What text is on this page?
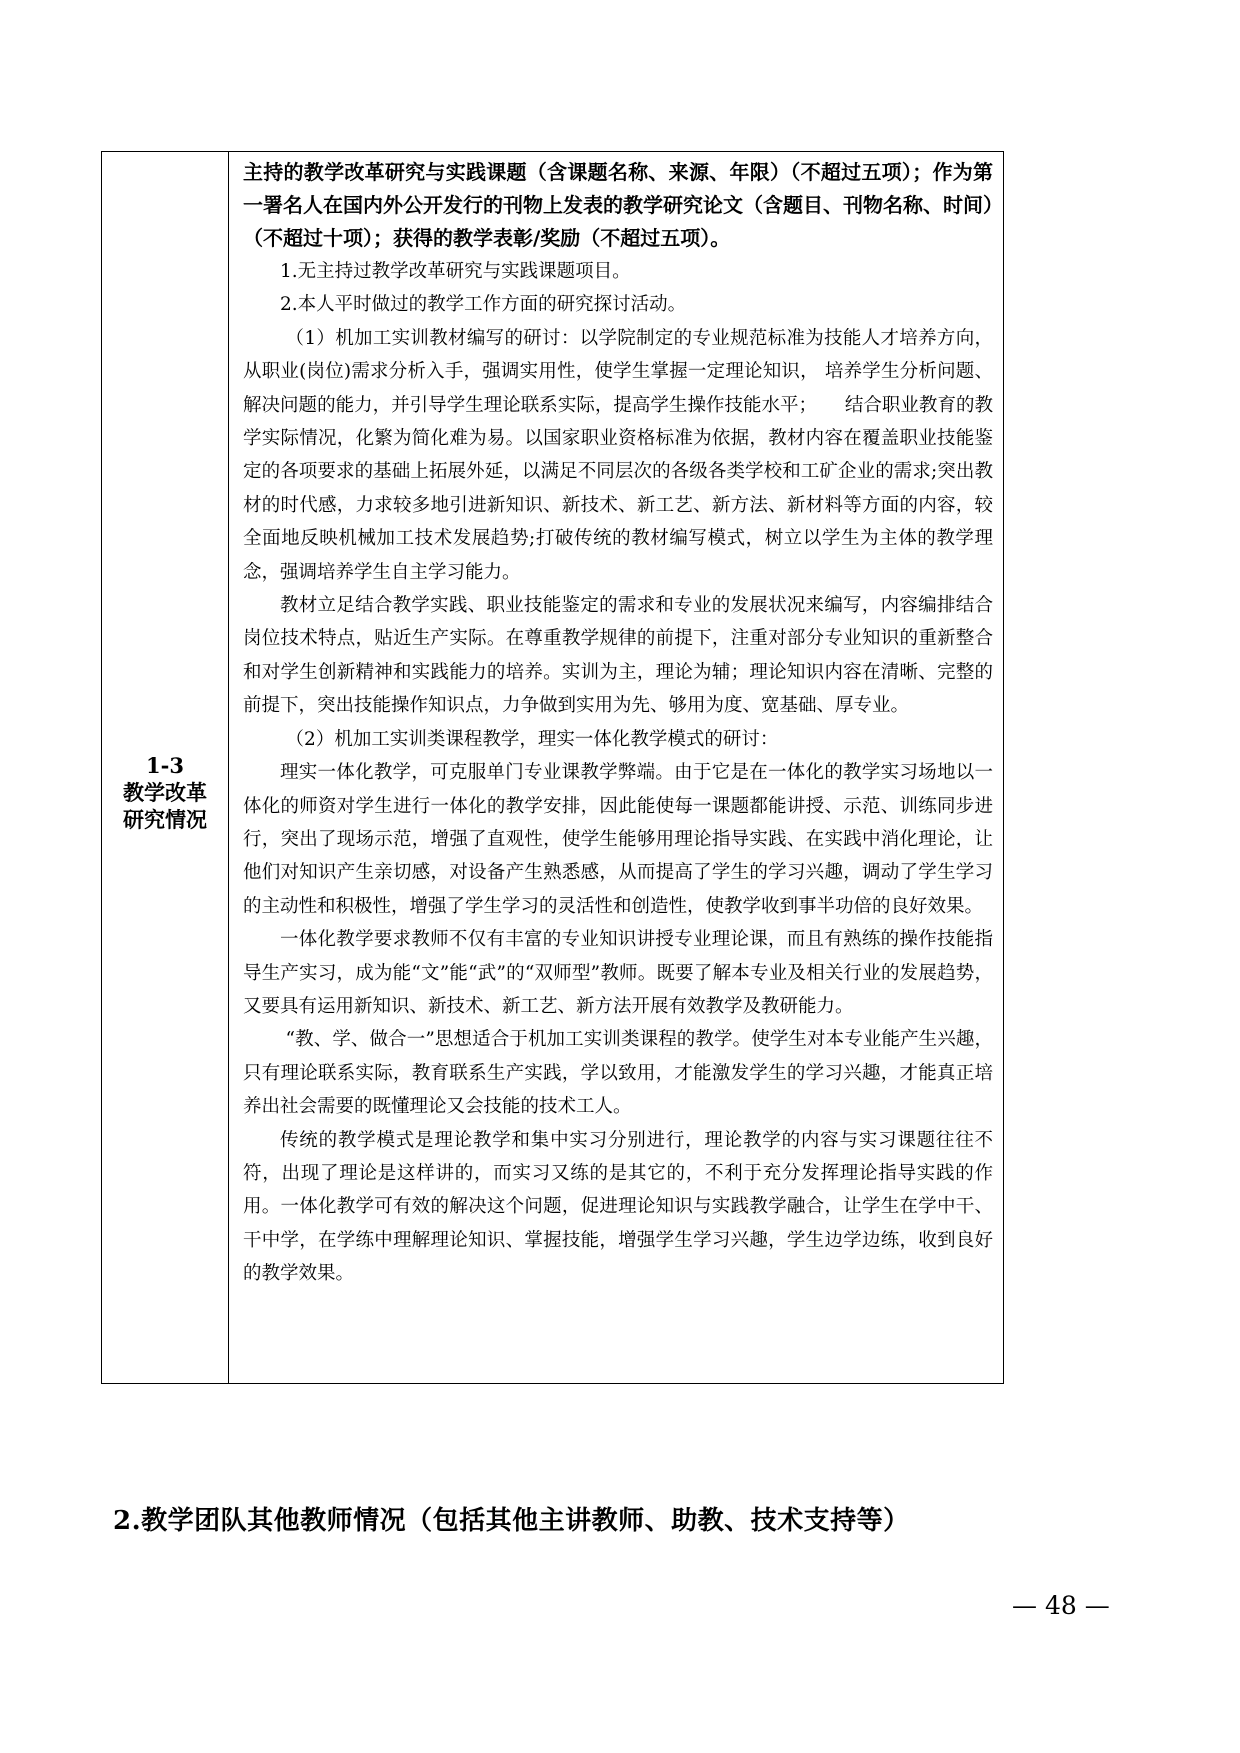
1-3
教学改革
研究情况

主持的教学改革研究与实践课题（含课题名称、来源、年限）（不超过五项）；作为第一署名人在国内外公开发行的刊物上发表的教学研究论文（含题目、刊物名称、时间）（不超过十项）；获得的教学表彰/奖励（不超过五项）。

1.无主持过教学改革研究与实践课题项目。

2.本人平时做过的教学工作方面的研究探讨活动。

（1）机加工实训教材编写的研讨：以学院制定的专业规范标准为技能人才培养方向，从职业(岗位)需求分析入手，强调实用性，使学生掌握一定理论知识， 培养学生分析问题、解决问题的能力，并引导学生理论联系实际，提高学生操作技能水平；　　结合职业教育的教学实际情况，化繁为简化难为易。以国家职业资格标准为依据，教材内容在覆盖职业技能鉴定的各项要求的基础上拓展外延，以满足不同层次的各级各类学校和工矿企业的需求;突出教材的时代感，力求较多地引进新知识、新技术、新工艺、新方法、新材料等方面的内容，较全面地反映机械加工技术发展趋势;打破传统的教材编写模式，树立以学生为主体的教学理念，强调培养学生自主学习能力。

教材立足结合教学实践、职业技能鉴定的需求和专业的发展状况来编写，内容编排结合岗位技术特点，贴近生产实际。在尊重教学规律的前提下，注重对部分专业知识的重新整合和对学生创新精神和实践能力的培养。实训为主，理论为辅；理论知识内容在清晰、完整的前提下，突出技能操作知识点，力争做到实用为先、够用为度、宽基础、厚专业。

（2）机加工实训类课程教学，理实一体化教学模式的研讨：

理实一体化教学，可克服单门专业课教学弊端。由于它是在一体化的教学实习场地以一体化的师资对学生进行一体化的教学安排，因此能使每一课题都能讲授、示范、训练同步进行，突出了现场示范，增强了直观性，使学生能够用理论指导实践、在实践中消化理论，让他们对知识产生亲切感，对设备产生熟悉感，从而提高了学生的学习兴趣，调动了学生学习的主动性和积极性，增强了学生学习的灵活性和创造性，使教学收到事半功倍的良好效果。

一体化教学要求教师不仅有丰富的专业知识讲授专业理论课，而且有熟练的操作技能指导生产实习，成为能“文”能“武”的“双师型”教师。既要了解本专业及相关行业的发展趋势，又要具有运用新知识、新技术、新工艺、新方法开展有效教学及教研能力。

“教、学、做合一”思想适合于机加工实训类课程的教学。使学生对本专业能产生兴趣，只有理论联系实际，教育联系生产实践，学以致用，才能激发学生的学习兴趣，才能真正培养出社会需要的既懂理论又会技能的技术工人。

传统的教学模式是理论教学和集中实习分别进行，理论教学的内容与实习课题往往不符，出现了理论是这样讲的，而实习又练的是其它的，不利于充分发挥理论指导实践的作用。一体化教学可有效的解决这个问题，促进理论知识与实践教学融合，让学生在学中干、干中学，在学练中理解理论知识、掌握技能，增强学生学习兴趣，学生边学边练，收到良好的教学效果。

2.教学团队其他教师情况（包括其他主讲教师、助教、技术支持等）
— 48 —
